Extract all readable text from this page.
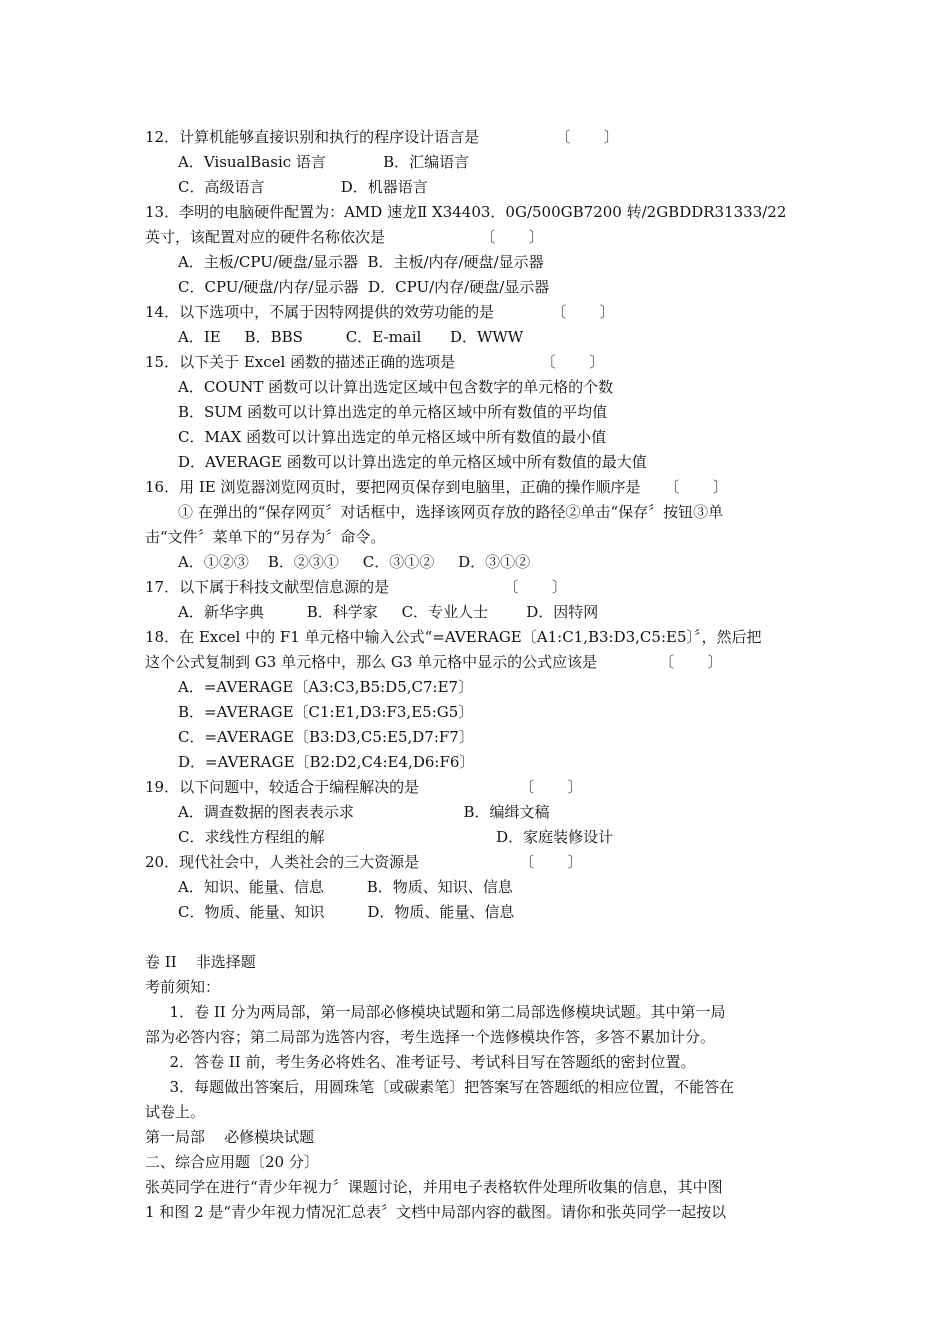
12．计算机能够直接识别和执行的程序设计语言是                〔       〕
A．VisualBasic 语言            B．汇编语言
C．高级语言                D．机器语言
13．李明的电脑硬件配置为：AMD 速龙Ⅱ X34403．0G/500GB7200 转/2GBDDR31333/22
英寸，该配置对应的硬件名称依次是                    〔       〕
A．主板/CPU/硬盘/显示器  B．主板/内存/硬盘/显示器
C．CPU/硬盘/内存/显示器  D．CPU/内存/硬盘/显示器
14．以下选项中，不属于因特网提供的效劳功能的是            〔       〕
A．IE     B．BBS         C．E-mail      D．WWW
15．以下关于 Excel 函数的描述正确的选项是                  〔       〕
A．COUNT 函数可以计算出选定区域中包含数字的单元格的个数
B．SUM 函数可以计算出选定的单元格区域中所有数值的平均值
C．MAX 函数可以计算出选定的单元格区域中所有数值的最小值
D．AVERAGE 函数可以计算出选定的单元格区域中所有数值的最大值
16．用 IE 浏览器浏览网页时，要把网页保存到电脑里，正确的操作顺序是     〔       〕
① 在弹出的“保存网页〞对话框中，选择该网页存放的路径②单击“保存〞按钮③单
击“文件〞菜单下的“另存为〞命令。
A．①②③    B．②③①     C．③①②     D．③①②
17．以下属于科技文献型信息源的是                        〔       〕
A．新华字典         B．科学家     C．专业人士        D．因特网
18．在 Excel 中的 F1 单元格中输入公式“=AVERAGE〔A1:C1,B3:D3,C5:E5〕〞，然后把
这个公式复制到 G3 单元格中，那么 G3 单元格中显示的公式应该是             〔       〕
A．=AVERAGE〔A3:C3,B5:D5,C7:E7〕
B．=AVERAGE〔C1:E1,D3:F3,E5:G5〕
C．=AVERAGE〔B3:D3,C5:E5,D7:F7〕
D．=AVERAGE〔B2:D2,C4:E4,D6:F6〕
19．以下问题中，较适合于编程解决的是                     〔       〕
A．调查数据的图表表示求                       B．编缉文稿
C．求线性方程组的解                                    D．家庭装修设计
20．现代社会中，人类社会的三大资源是                     〔       〕
A．知识、能量、信息         B．物质、知识、信息
C．物质、能量、知识         D．物质、能量、信息
卷 II    非选择题
考前须知：
1．卷 II 分为两局部，第一局部必修模块试题和第二局部选修模块试题。其中第一局
部为必答内容；第二局部为选答内容，考生选择一个选修模块作答，多答不累加计分。
2．答卷 II 前，考生务必将姓名、准考证号、考试科目写在答题纸的密封位置。
3．每题做出答案后，用圆珠笔〔或碳素笔〕把答案写在答题纸的相应位置，不能答在
试卷上。
第一局部    必修模块试题
二、综合应用题〔20 分〕
张英同学在进行“青少年视力〞课题讨论，并用电子表格软件处理所收集的信息，其中图
1 和图 2 是“青少年视力情况汇总表〞文档中局部内容的截图。请你和张英同学一起按以
